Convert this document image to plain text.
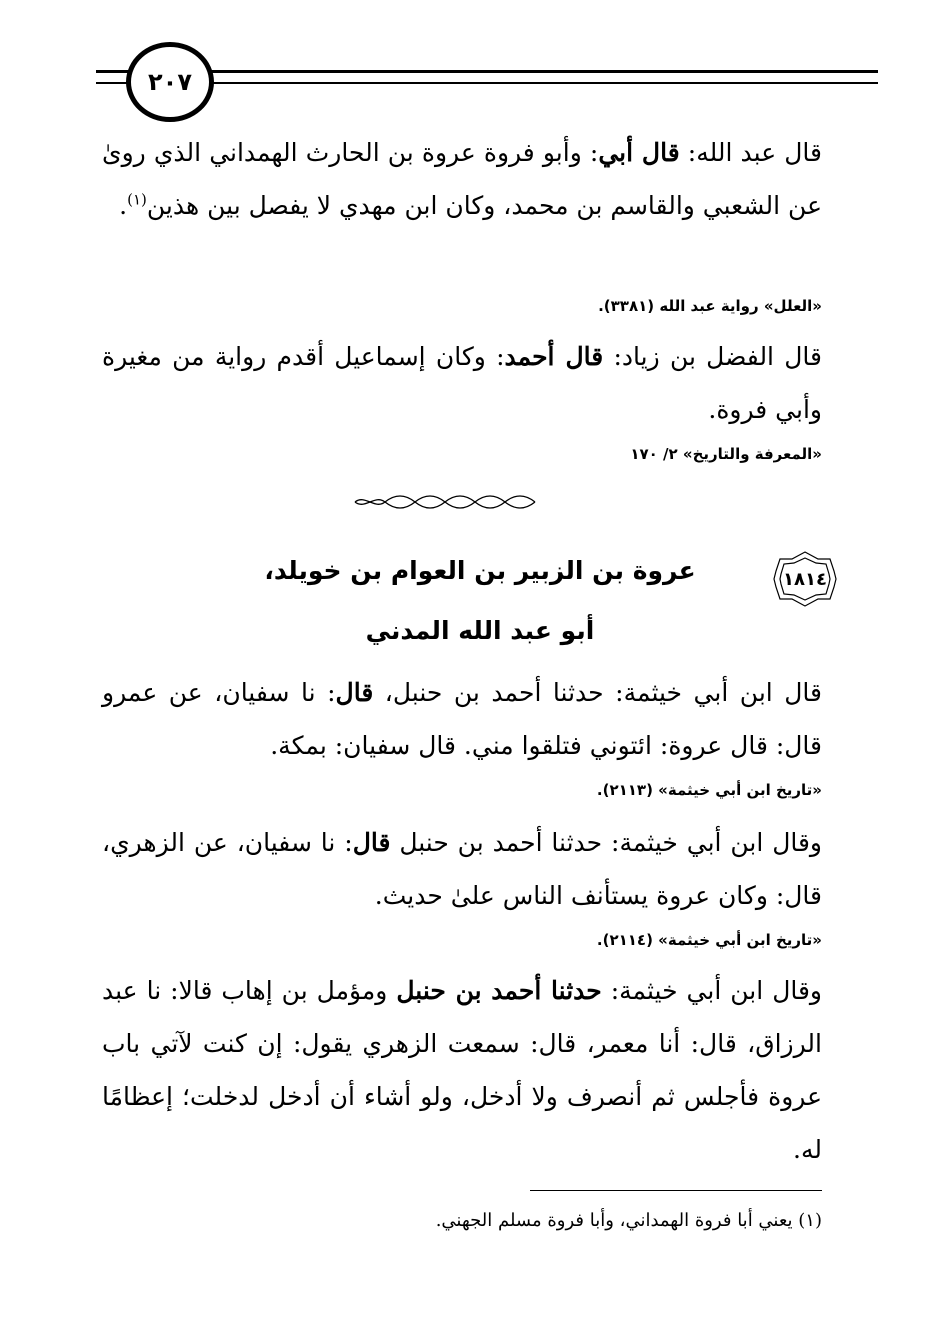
٢٠٧
قال عبد الله: قال أبي: وأبو فروة عروة بن الحارث الهمداني الذي روىٰ عن الشعبي والقاسم بن محمد، وكان ابن مهدي لا يفصل بين هذين$^{(١)}$.
«العلل» رواية عبد الله (٣٣٨١).
قال الفضل بن زياد: قال أحمد: وكان إسماعيل أقدم رواية من مغيرة وأبي فروة.
«المعرفة والتاريخ» ٢/ ١٧٠
١٨١٤
عروة بن الزبير بن العوام بن خويلد،
أبو عبد الله المدني
قال ابن أبي خيثمة: حدثنا أحمد بن حنبل، قال: نا سفيان، عن عمرو قال: قال عروة: ائتوني فتلقوا مني. قال سفيان: بمكة.
«تاريخ ابن أبي خيثمة» (٢١١٣).
وقال ابن أبي خيثمة: حدثنا أحمد بن حنبل قال: نا سفيان، عن الزهري، قال: وكان عروة يستأنف الناس علىٰ حديث.
«تاريخ ابن أبي خيثمة» (٢١١٤).
وقال ابن أبي خيثمة: حدثنا أحمد بن حنبل ومؤمل بن إهاب قالا: نا عبد الرزاق، قال: أنا معمر، قال: سمعت الزهري يقول: إن كنت لآتي باب عروة فأجلس ثم أنصرف ولا أدخل، ولو أشاء أن أدخل لدخلت؛ إعظامًا له.
(١) يعني أبا فروة الهمداني، وأبا فروة مسلم الجهني.
